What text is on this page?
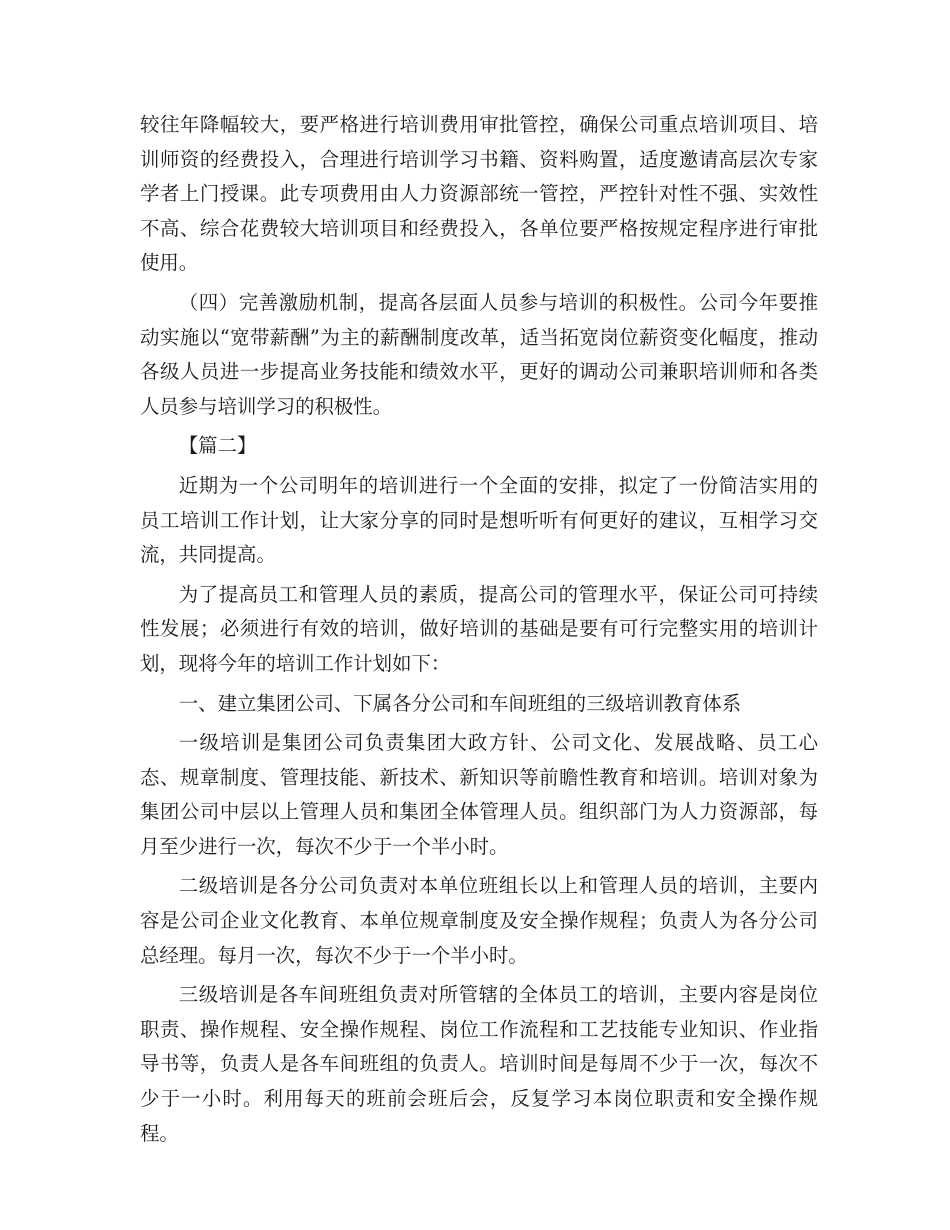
较往年降幅较大，要严格进行培训费用审批管控，确保公司重点培训项目、培训师资的经费投入，合理进行培训学习书籍、资料购置，适度邀请高层次专家学者上门授课。此专项费用由人力资源部统一管控，严控针对性不强、实效性不高、综合花费较大培训项目和经费投入，各单位要严格按规定程序进行审批使用。

（四）完善激励机制，提高各层面人员参与培训的积极性。公司今年要推动实施以“宽带薪酬”为主的薪酬制度改革，适当拓宽岗位薪资变化幅度，推动各级人员进一步提高业务技能和绩效水平，更好的调动公司兼职培训师和各类人员参与培训学习的积极性。

【篇二】

近期为一个公司明年的培训进行一个全面的安排，拟定了一份简洁实用的员工培训工作计划，让大家分享的同时是想听听有何更好的建议，互相学习交流，共同提高。

为了提高员工和管理人员的素质，提高公司的管理水平，保证公司可持续性发展；必须进行有效的培训，做好培训的基础是要有可行完整实用的培训计划，现将今年的培训工作计划如下：

一、建立集团公司、下属各分公司和车间班组的三级培训教育体系

一级培训是集团公司负责集团大政方针、公司文化、发展战略、员工心态、规章制度、管理技能、新技术、新知识等前瞻性教育和培训。培训对象为集团公司中层以上管理人员和集团全体管理人员。组织部门为人力资源部，每月至少进行一次，每次不少于一个半小时。

二级培训是各分公司负责对本单位班组长以上和管理人员的培训，主要内容是公司企业文化教育、本单位规章制度及安全操作规程；负责人为各分公司总经理。每月一次，每次不少于一个半小时。

三级培训是各车间班组负责对所管辖的全体员工的培训，主要内容是岗位职责、操作规程、安全操作规程、岗位工作流程和工艺技能专业知识、作业指导书等，负责人是各车间班组的负责人。培训时间是每周不少于一次，每次不少于一小时。利用每天的班前会班后会，反复学习本岗位职责和安全操作规程。
